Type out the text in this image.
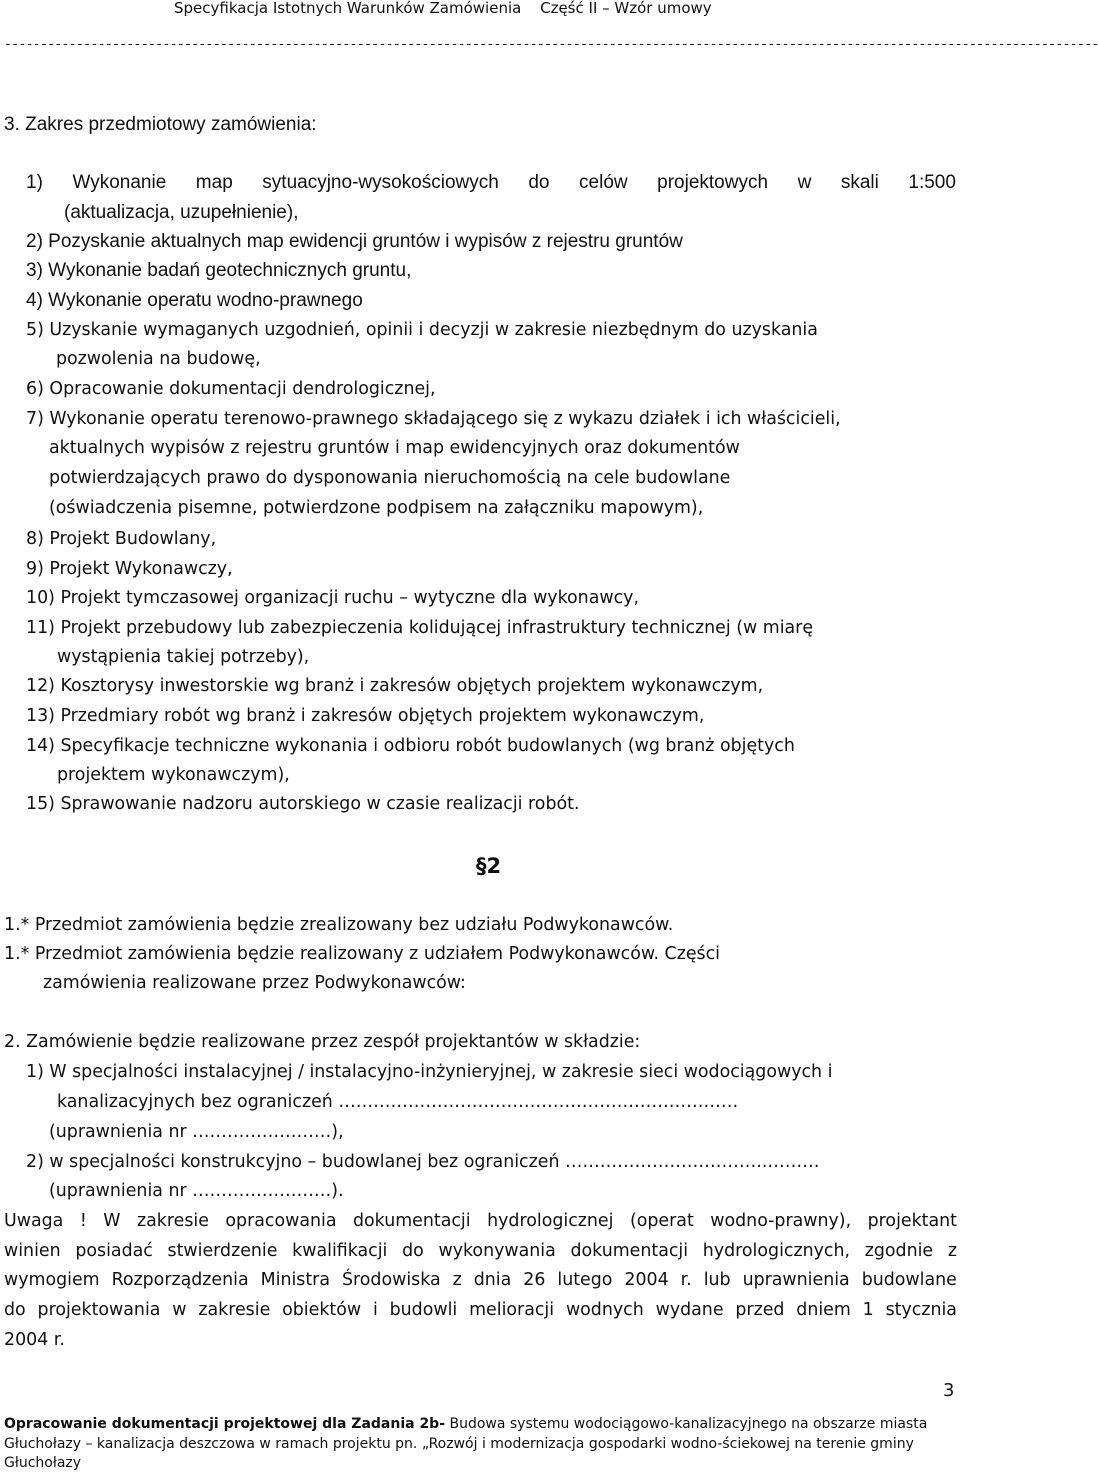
Specyfikacja Istotnych Warunków Zamówienia Część II – Wzór umowy
--------------------------------------------------------------------------------------------------------------------------------------------------------
3. Zakres przedmiotowy zamówienia:
1) Wykonanie map sytuacyjno-wysokościowych do celów projektowych w skali 1:500
(aktualizacja, uzupełnienie),
2) Pozyskanie aktualnych map ewidencji gruntów i wypisów z rejestru gruntów
3) Wykonanie badań geotechnicznych gruntu,
4) Wykonanie operatu wodno-prawnego
5) Uzyskanie wymaganych uzgodnień, opinii i decyzji w zakresie niezbędnym do uzyskania
pozwolenia na budowę,
6) Opracowanie dokumentacji dendrologicznej,
7) Wykonanie operatu terenowo-prawnego składającego się z wykazu działek i ich właścicieli,
aktualnych wypisów z rejestru gruntów i map ewidencyjnych oraz dokumentów
potwierdzających prawo do dysponowania nieruchomością na cele budowlane
(oświadczenia pisemne, potwierdzone podpisem na załączniku mapowym),
8) Projekt Budowlany,
9) Projekt Wykonawczy,
10) Projekt tymczasowej organizacji ruchu – wytyczne dla wykonawcy,
11) Projekt przebudowy lub zabezpieczenia kolidującej infrastruktury technicznej (w miarę
wystąpienia takiej potrzeby),
12) Kosztorysy inwestorskie wg branż i zakresów objętych projektem wykonawczym,
13) Przedmiary robót wg branż i zakresów objętych projektem wykonawczym,
14) Specyfikacje techniczne wykonania i odbioru robót budowlanych (wg branż objętych
projektem wykonawczym),
15) Sprawowanie nadzoru autorskiego w czasie realizacji robót.
§2
1.* Przedmiot zamówienia będzie zrealizowany bez udziału Podwykonawców.
1.* Przedmiot zamówienia będzie realizowany z udziałem Podwykonawców. Części
zamówienia realizowane przez Podwykonawców:
2. Zamówienie będzie realizowane przez zespół projektantów w składzie:
1) W specjalności instalacyjnej / instalacyjno-inżynieryjnej, w zakresie sieci wodociągowych i
kanalizacyjnych bez ograniczeń ……………………………………………………………
(uprawnienia nr ……………………),
2) w specjalności konstrukcyjno – budowlanej bez ograniczeń ……………………………..………
(uprawnienia nr ……………………).
Uwaga ! W zakresie opracowania dokumentacji hydrologicznej (operat wodno-prawny), projektant
winien posiadać stwierdzenie kwalifikacji do wykonywania dokumentacji hydrologicznych, zgodnie z
wymogiem Rozporządzenia Ministra Środowiska z dnia 26 lutego 2004 r. lub uprawnienia budowlane
do projektowania w zakresie obiektów i budowli melioracji wodnych wydane przed dniem 1 stycznia
2004 r.
3
Opracowanie dokumentacji projektowej dla Zadania 2b- Budowa systemu wodociągowo-kanalizacyjnego na obszarze miasta
Głuchołazy – kanalizacja deszczowa w ramach projektu pn. „Rozwój i modernizacja gospodarki wodno-ściekowej na terenie gminy
Głuchołazy
